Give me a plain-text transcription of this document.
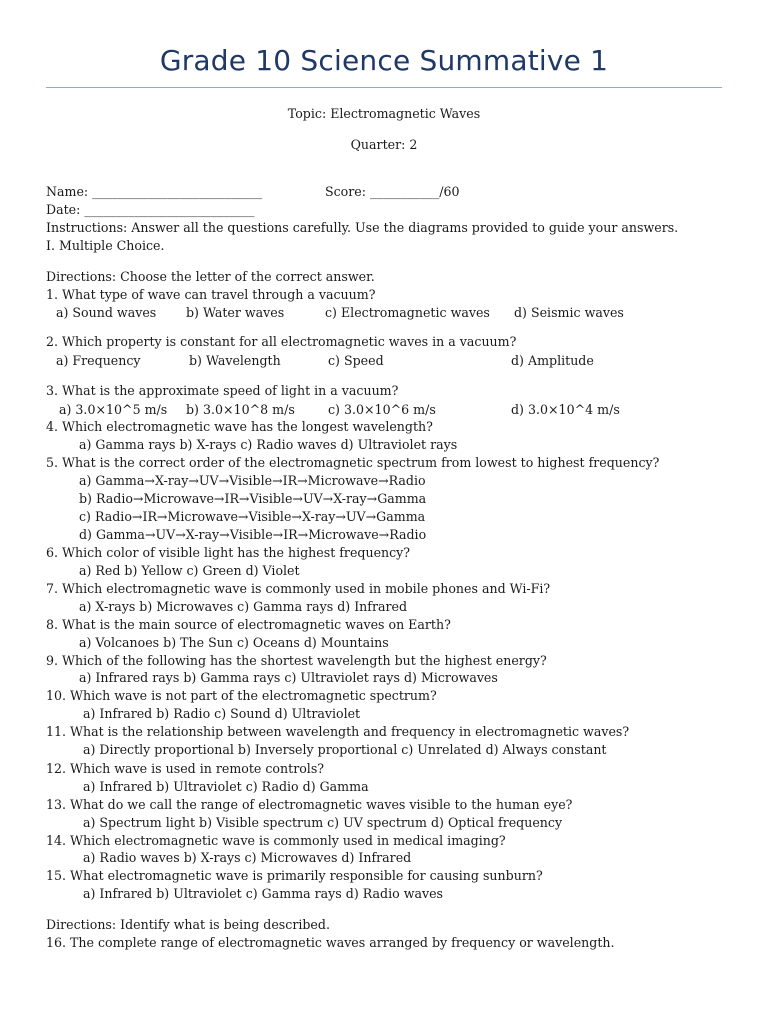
Grade 10 Science Summative 1
Topic: Electromagnetic Waves
Quarter: 2
Name: ___________________________	Score: ___________/60
Date: ___________________________
Instructions: Answer all the questions carefully. Use the diagrams provided to guide your answers.
I. Multiple Choice.
Directions: Choose the letter of the correct answer.
1. What type of wave can travel through a vacuum?
a) Sound waves b) Water waves	c) Electromagnetic waves d) Seismic waves
2. Which property is constant for all electromagnetic waves in a vacuum?
a) Frequency	b) Wavelength	c) Speed	d) Amplitude
3. What is the approximate speed of light in a vacuum?
a) 3.0×10^5 m/s b) 3.0×10^8 m/s	c) 3.0×10^6 m/s	d) 3.0×10^4 m/s
4. Which electromagnetic wave has the longest wavelength?
a) Gamma rays b) X-rays c) Radio waves d) Ultraviolet rays
5. What is the correct order of the electromagnetic spectrum from lowest to highest frequency?
a) Gamma→X-ray→UV→Visible→IR→Microwave→Radio
b) Radio→Microwave→IR→Visible→UV→X-ray→Gamma
c) Radio→IR→Microwave→Visible→X-ray→UV→Gamma
d) Gamma→UV→X-ray→Visible→IR→Microwave→Radio
6. Which color of visible light has the highest frequency?
a) Red b) Yellow c) Green d) Violet
7. Which electromagnetic wave is commonly used in mobile phones and Wi-Fi?
a) X-rays b) Microwaves c) Gamma rays d) Infrared
8. What is the main source of electromagnetic waves on Earth?
a) Volcanoes b) The Sun c) Oceans d) Mountains
9. Which of the following has the shortest wavelength but the highest energy?
a) Infrared rays b) Gamma rays c) Ultraviolet rays d) Microwaves
10. Which wave is not part of the electromagnetic spectrum?
a) Infrared b) Radio c) Sound d) Ultraviolet
11. What is the relationship between wavelength and frequency in electromagnetic waves?
a) Directly proportional b) Inversely proportional c) Unrelated d) Always constant
12. Which wave is used in remote controls?
a) Infrared b) Ultraviolet c) Radio d) Gamma
13. What do we call the range of electromagnetic waves visible to the human eye?
a) Spectrum light b) Visible spectrum c) UV spectrum d) Optical frequency
14. Which electromagnetic wave is commonly used in medical imaging?
a) Radio waves b) X-rays c) Microwaves d) Infrared
15. What electromagnetic wave is primarily responsible for causing sunburn?
a) Infrared b) Ultraviolet c) Gamma rays d) Radio waves
Directions: Identify what is being described.
16. The complete range of electromagnetic waves arranged by frequency or wavelength.
